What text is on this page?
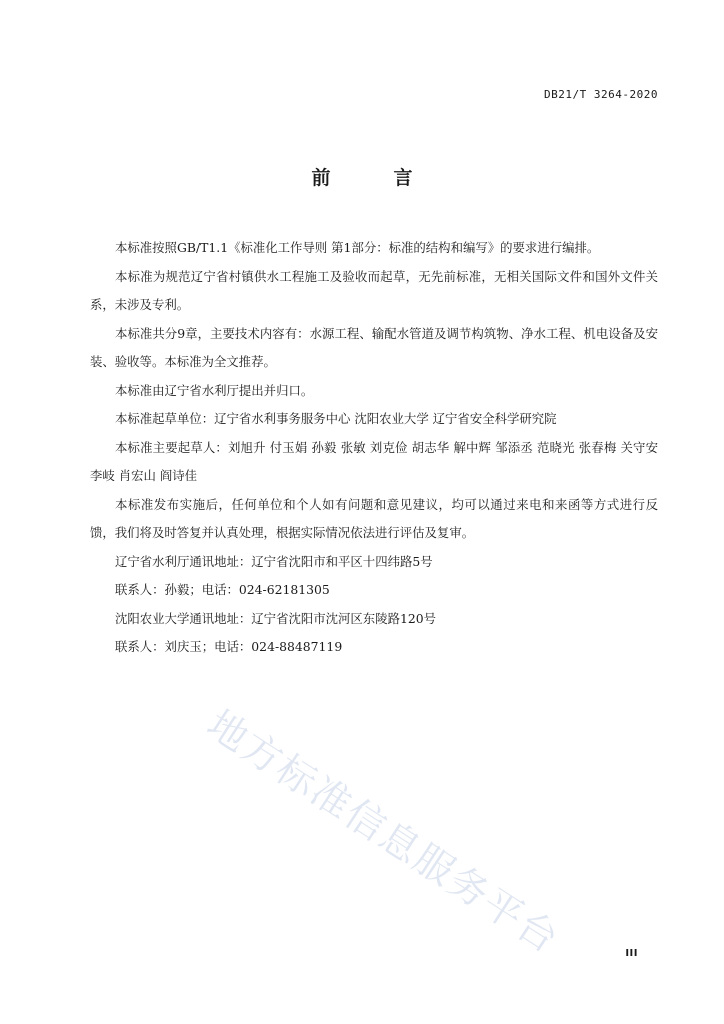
DB21/T 3264-2020
前　言

本标准按照GB/T1.1《标准化工作导则 第1部分：标准的结构和编写》的要求进行编排。

本标准为规范辽宁省村镇供水工程施工及验收而起草，无先前标准，无相关国际文件和国外文件关系，未涉及专利。

本标准共分9章，主要技术内容有：水源工程、输配水管道及调节构筑物、净水工程、机电设备及安装、验收等。本标准为全文推荐。

本标准由辽宁省水利厅提出并归口。

本标准起草单位：辽宁省水利事务服务中心 沈阳农业大学 辽宁省安全科学研究院

本标准主要起草人：刘旭升 付玉娟 孙毅 张敏 刘克俭 胡志华 解中辉 邹添丞 范晓光 张春梅 关守安 李岐 肖宏山 阎诗佳

本标准发布实施后，任何单位和个人如有问题和意见建议，均可以通过来电和来函等方式进行反馈，我们将及时答复并认真处理，根据实际情况依法进行评估及复审。

辽宁省水利厅通讯地址：辽宁省沈阳市和平区十四纬路5号

联系人：孙毅；电话：024-62181305

沈阳农业大学通讯地址：辽宁省沈阳市沈河区东陵路120号

联系人：刘庆玉；电话：024-88487119

地方标准信息服务平台	III
